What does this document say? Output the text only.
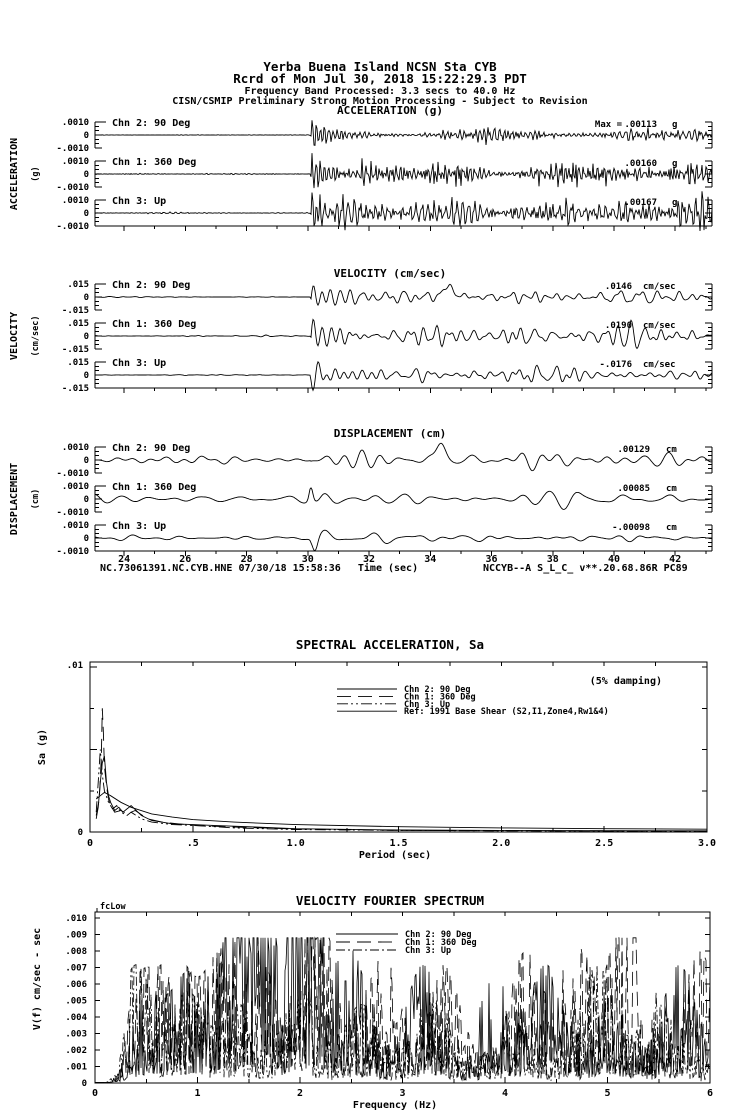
Yerba Buena Island NCSN Sta CYB
Rcrd of Mon Jul 30, 2018 15:22:29.3 PDT
Frequency Band Processed: 3.3 secs to 40.0 Hz
CISN/CSMIP Preliminary Strong Motion Processing - Subject to Revision
ACCELERATION (g)
VELOCITY (cm/sec)
DISPLACEMENT (cm)
ACCELERATION (g)
VELOCITY (cm/sec)
DISPLACEMENT (cm)
Time (sec)
NC.73061391.NC.CYB.HNE 07/30/18 15:58:36	NCCYB--A S_L_C_ v**.20.68.86R PC89
SPECTRAL ACCELERATION, Sa
(5% damping)
.01
0
Sa (g)
Period (sec)
VELOCITY FOURIER SPECTRUM
fcLow
V(f) cm/sec - sec
Frequency (Hz)
.0010
0
-.0010
Chn 2: 90 Deg	Max = .00113 g
.0010
0
-.0010
Chn 1: 360 Deg	.00160 g
.0010
0
-.0010
Chn 3: Up	.00167 g
.015
0
-.015
Chn 2: 90 Deg	.0146 cm/sec
.015
0
-.015
Chn 1: 360 Deg	.0190 cm/sec
.015
0
-.015
Chn 3: Up	-.0176 cm/sec
24	26	28	30	32	34	36	38	40	42
.0010
0
-.0010
Chn 2: 90 Deg	.00129 cm
.0010
0
-.0010
Chn 1: 360 Deg	.00085 cm
.0010
0
-.0010
Chn 3: Up	-.00098 cm
0	.5	1.0	1.5	2.0	2.5	3.0
Chn 2: 90 Deg
Chn 1: 360 Deg
Chn 3: Up
Ref: 1991 Base Shear (S2,I1,Zone4,Rw1&4)
.010
.009
.008
.007
.006
.005
.004
.003
.002
.001
0
0	1	2	3	4	5	6
Chn 2: 90 Deg
Chn 1: 360 Deg
Chn 3: Up
